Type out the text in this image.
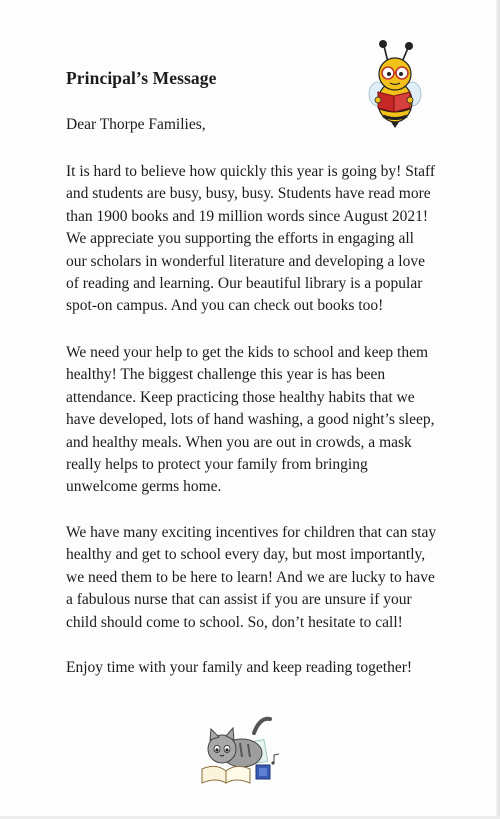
Principal’s Message

Dear Thorpe Families,

It is hard to believe how quickly this year is going by! Staff
and students are busy, busy, busy. Students have read more
than 1900 books and 19 million words since August 2021!
We appreciate you supporting the efforts in engaging all
our scholars in wonderful literature and developing a love
of reading and learning. Our beautiful library is a popular
spot-on campus. And you can check out books too!

We need your help to get the kids to school and keep them
healthy! The biggest challenge this year is has been
attendance. Keep practicing those healthy habits that we
have developed, lots of hand washing, a good night’s sleep,
and healthy meals. When you are out in crowds, a mask
really helps to protect your family from bringing
unwelcome germs home.

We have many exciting incentives for children that can stay
healthy and get to school every day, but most importantly,
we need them to be here to learn! And we are lucky to have
a fabulous nurse that can assist if you are unsure if your
child should come to school. So, don’t hesitate to call!

Enjoy time with your family and keep reading together!
